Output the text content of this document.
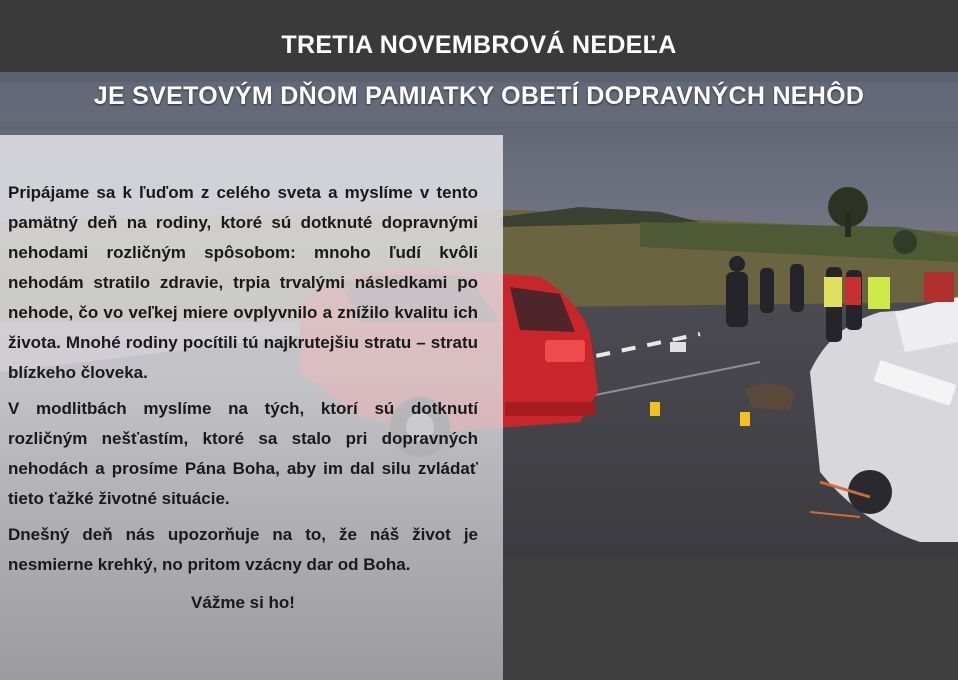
TRETIA NOVEMBROVÁ NEDEĽA
JE SVETOVÝM DŇOM PAMIATKY OBETÍ DOPRAVNÝCH NEHÔD

Pripájame sa k ľuďom z celého sveta a myslíme v tento pamätný deň na rodiny, ktoré sú dotknuté dopravnými nehodami rozličným spôsobom: mnoho ľudí kvôli nehodám stratilo zdravie, trpia trvalými následkami po nehode, čo vo veľkej miere ovplyvnilo a znížilo kvalitu ich života. Mnohé rodiny pocítili tú najkrutejšiu stratu – stratu blízkeho človeka.

V modlitbách myslíme na tých, ktorí sú dotknutí rozličným nešťastím, ktoré sa stalo pri dopravných nehodách a prosíme Pána Boha, aby im dal silu zvládať tieto ťažké životné situácie.

Dnešný deň nás upozorňuje na to, že náš život je nesmierne krehký, no pritom vzácny dar od Boha.

Vážme si ho!
